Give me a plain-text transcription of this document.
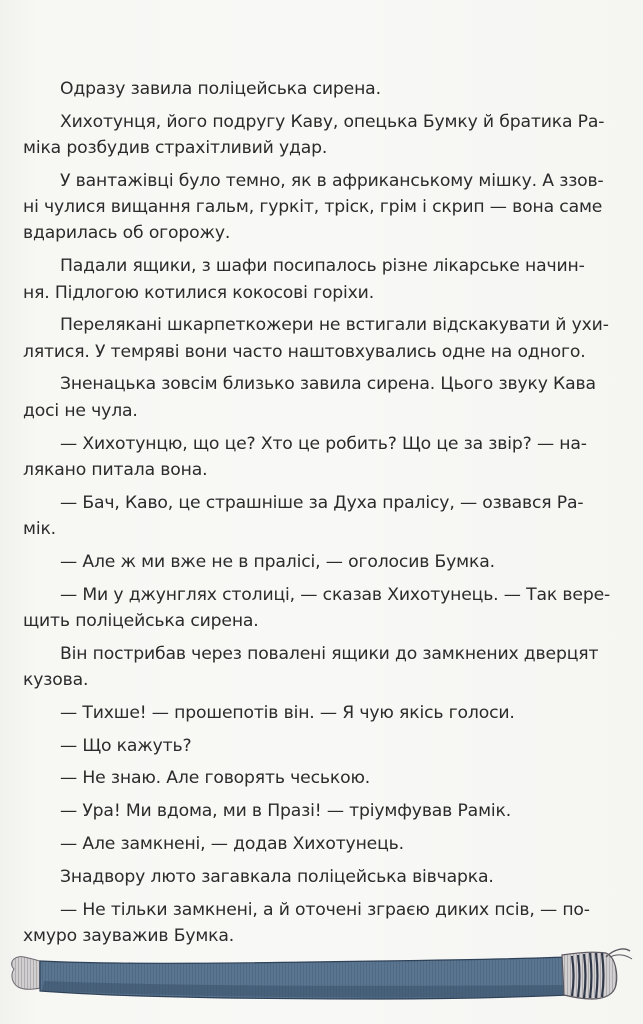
Одразу завила поліцейська сирена.

Хихотунця, його подругу Каву, опецька Бумку й братика Ра-
міка розбудив страхітливий удар.

У вантажівці було темно, як в африканському мішку. А ззов-
ні чулися вищання гальм, гуркіт, тріск, грім і скрип — вона саме
вдарилась об огорожу.

Падали ящики, з шафи посипалось різне лікарське начин-
ня. Підлогою котилися кокосові горіхи.

Перелякані шкарпеткожери не встигали відскакувати й ухи-
лятися. У темряві вони часто наштовхувались одне на одного.

Зненацька зовсім близько завила сирена. Цього звуку Кава
досі не чула.

— Хихотунцю, що це? Хто це робить? Що це за звір? — на-
лякано питала вона.

— Бач, Каво, це страшніше за Духа пралісу, — озвався Ра-
мік.

— Але ж ми вже не в пралісі, — оголосив Бумка.

— Ми у джунглях столиці, — сказав Хихотунець. — Так вере-
щить поліцейська сирена.

Він пострибав через повалені ящики до замкнених дверцят
кузова.

— Тихше! — прошепотів він. — Я чую якісь голоси.

— Що кажуть?

— Не знаю. Але говорять чеською.

— Ура! Ми вдома, ми в Празі! — тріумфував Рамік.

— Але замкнені, — додав Хихотунець.

Знадвору люто загавкала поліцейська вівчарка.

— Не тільки замкнені, а й оточені зграєю диких псів, — по-
хмуро зауважив Бумка.
